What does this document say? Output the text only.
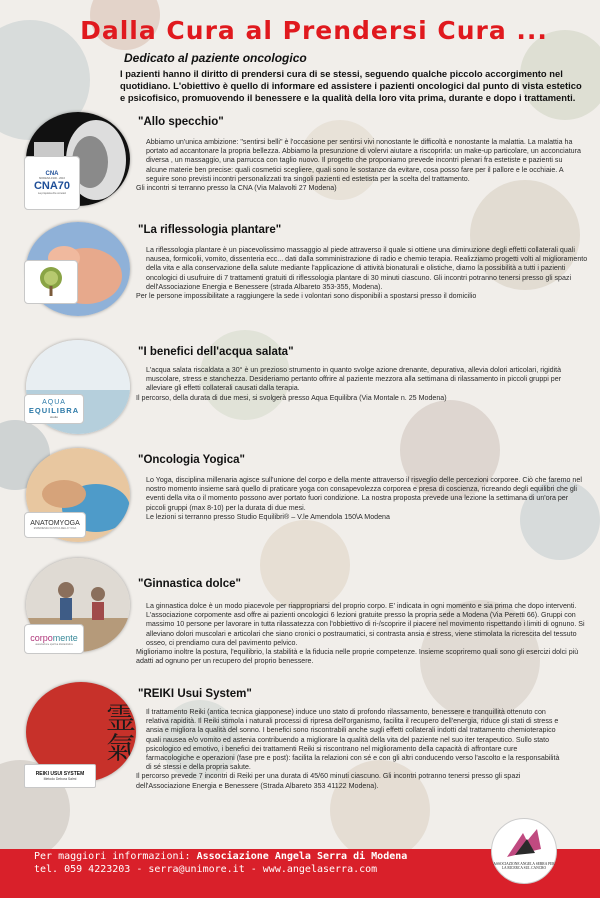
Dalla Cura al Prendersi Cura ...
Dedicato al paziente oncologico
I pazienti hanno il diritto di prendersi cura di se stessi, seguendo qualche piccolo accorgimento nel quotidiano. L'obiettivo è quello di informare ed assistere i pazienti oncologici dal punto di vista estetico e psicofisico, promuovendo il benessere e la qualità della loro vita prima, durante e dopo i trattamenti.
"Allo specchio"

Abbiamo un'unica ambizione: "sentirsi belli" è l'occasione per sentirsi vivi nonostante le difficoltà e nonostante la malattia. La malattia ha portato ad accantonare la propria bellezza. Abbiamo la presunzione di volervi aiutare a riscoprirla: un make-up particolare, un acconciatura diversa , un massaggio, una parrucca con taglio nuovo. Il progetto che proponiamo prevede incontri plenari fra estetiste e pazienti su alcune materie ben precise: quali cosmetici scegliere, quali sono le sostanze da evitare, cosa posso fare per il pallore e le occhiaie. A seguire sono previsti incontri personalizzati tra singoli pazienti ed estetista per la scelta del trattamento.

Gli incontri si terranno presso la CNA (Via Malavolti 27 Modena)

CNA
MODENA 1946 - 2016
CNA70
La proposta che conosci
"La riflessologia plantare"

La riflessologia plantare è un piacevolissimo massaggio al piede attraverso il quale si ottiene una diminuzione degli effetti collaterali quali nausea, formicolii, vomito, dissenteria ecc... dati dalla somministrazione di radio e chemio terapia. Realizziamo progetti volti al miglioramento della vita e alla conservazione della salute mediante l'applicazione di attività bionaturali e olistiche, diamo la possibilità a tutti i pazienti oncologici di usufruire di 7 trattamenti gratuiti di riflessologia plantare di 30 minuti ciascuno. Gli incontri potranno tenersi presso gli spazi dell'Associazione Energia e Benessere (strada Albareto 353-355, Modena).

Per le persone impossibilitate a raggiungere la sede i volontari sono disponibili a spostarsi presso il domicilio

"I benefici dell'acqua salata"

L'acqua salata riscaldata a 30° è un prezioso strumento in quanto svolge azione drenante, depurativa, allevia dolori articolari, rigidità muscolare, stress e stanchezza. Desideriamo pertanto offrire al paziente mezzora alla settimana di rilassamento in piccoli gruppi per alleviare gli effetti collaterali causati dalla terapia.

Il percorso, della durata di due mesi, si svolgerà presso Aqua Equilibra (Via Montale n. 25 Modena)

AQUA
EQUILIBRA
studio
"Oncologia Yogica"

Lo Yoga, disciplina millenaria agisce sull'unione del corpo e della mente attraverso il risveglio delle percezioni corporee. Ciò che faremo nel nostro momento insieme sarà quello di praticare yoga con consapevolezza corporea e presa di coscienza, ricreando degli equilibri che gli eventi della vita o il momento possono aver portato fuori condizione. La nostra proposta prevede una lezione la settimana di un'ora per piccoli gruppi (max 8-10) per la durata di due mesi.

Le lezioni si terranno presso Studio Equilibri® – V.le Amendola 150\A Modena

ANATOMYOGA
ESPERIENZA OLISTICA DELLO YOGA
"Ginnastica dolce"

La ginnastica dolce è un modo piacevole per riappropriarsi del proprio corpo. E' indicata in ogni momento e sia prima che dopo interventi. L'associazione corpomente asd offre ai pazienti oncologici 6 lezioni gratuite presso la propria sede a Modena (Via Peretti 66). Gruppi con massimo 10 persone per lavorare in tutta rilassatezza con l'obbiettivo di ri-/scoprire il piacere nel movimento rispettando i limiti di ognuno. Si alleviano dolori muscolari e articolari che siano cronici o postraumatici, si contrasta ansia e stress, viene stimolata la ricrescita del tessuto osseo, ci prendiamo cura del pavimento pelvico.

Miglioriamo inoltre la postura, l'equilibrio, la stabilità e la fiducia nelle proprie competenze. Insieme scopriremo quali sono gli esercizi dolci più adatti ad ognuno per un recupero del proprio benessere.

corpomente
associazione sportiva dilettantistica
霊氣
"REIKI Usui System"

Il trattamento Reiki (antica tecnica giapponese) induce uno stato di profondo rilassamento, benessere e tranquillità ottenuto con relativa rapidità. Il Reiki stimola i naturali processi di ripresa dell'organismo, facilita il recupero dell'energia, riduce gli stati di stress e ansia e migliora la qualità del sonno. I benefici sono riscontrabili anche sugli effetti collaterali indotti dal trattamento chemioterapico quali nausea e/o vomito ed astenia contribuendo a migliorare la qualità della vita del paziente nel suo iter terapeutico. Sullo stato psicologico ed emotivo, i benefici dei trattamenti Reiki si riscontrano nel miglioramento della capacità di affrontare cure farmacologiche e operazioni (fase pre e post): facilita la relazioni con sé e con gli altri conducendo verso l'ascolto e la responsabilità di sé stessi e della propria salute.

Il percorso prevede 7 incontri di Reiki per una durata di 45/60 minuti ciascuno. Gli incontri potranno tenersi presso gli spazi dell'Associazione Energia e Benessere (Strada Albareto 353 41122 Modena).

REIKI USUI SYSTEM
Metodo Debora Salmi
Per maggiori informazioni: Associazione Angela Serra di Modena
tel. 059 4223203 - serra@unimore.it - www.angelaserra.com	ASSOCIAZIONE ANGELA SERRA PER LA RICERCA SUL CANCRO
